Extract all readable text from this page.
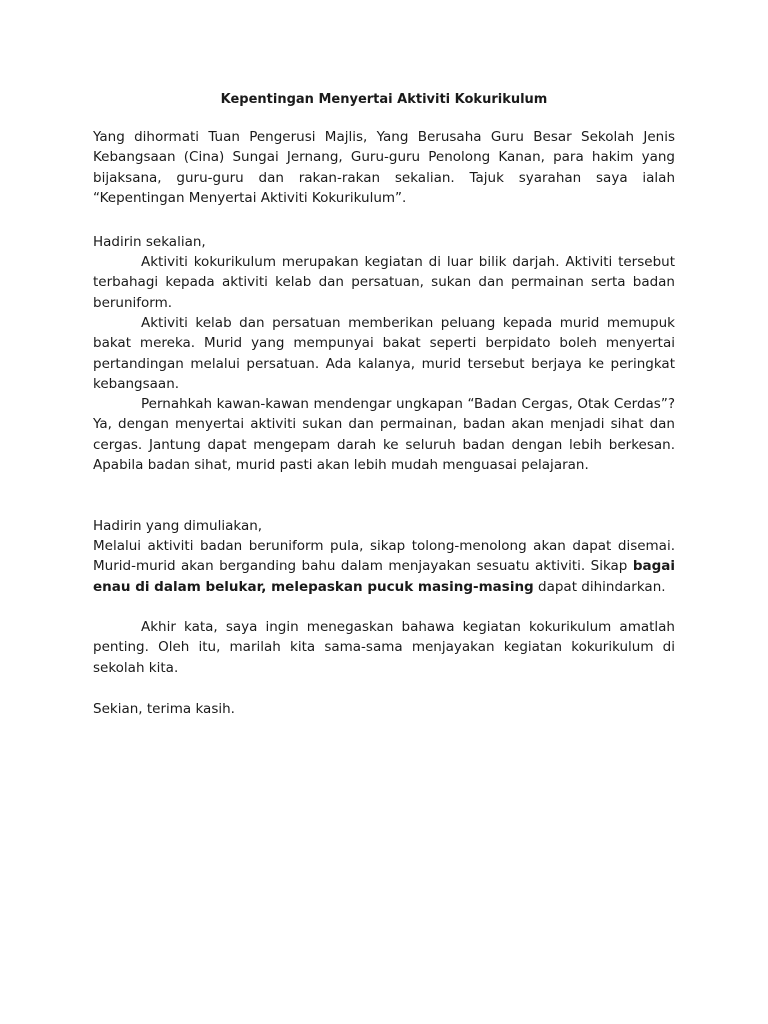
Kepentingan Menyertai Aktiviti Kokurikulum

Yang dihormati Tuan Pengerusi Majlis, Yang Berusaha Guru Besar Sekolah Jenis Kebangsaan (Cina) Sungai Jernang, Guru-guru Penolong Kanan, para hakim yang bijaksana, guru-guru dan rakan-rakan sekalian. Tajuk syarahan saya ialah “Kepentingan Menyertai Aktiviti Kokurikulum”.

Hadirin sekalian,

Aktiviti kokurikulum merupakan kegiatan di luar bilik darjah. Aktiviti tersebut terbahagi kepada aktiviti kelab dan persatuan, sukan dan permainan serta badan beruniform.

Aktiviti kelab dan persatuan memberikan peluang kepada murid memupuk bakat mereka. Murid yang mempunyai bakat seperti berpidato boleh menyertai pertandingan melalui persatuan. Ada kalanya, murid tersebut berjaya ke peringkat kebangsaan.

Pernahkah kawan-kawan mendengar ungkapan “Badan Cergas, Otak Cerdas”? Ya, dengan menyertai aktiviti sukan dan permainan, badan akan menjadi sihat dan cergas. Jantung dapat mengepam darah ke seluruh badan dengan lebih berkesan. Apabila badan sihat, murid pasti akan lebih mudah menguasai pelajaran.

Hadirin yang dimuliakan,

Melalui aktiviti badan beruniform pula, sikap tolong-menolong akan dapat disemai. Murid-murid akan berganding bahu dalam menjayakan sesuatu aktiviti. Sikap bagai enau di dalam belukar, melepaskan pucuk masing-masing dapat dihindarkan.

Akhir kata, saya ingin menegaskan bahawa kegiatan kokurikulum amatlah penting. Oleh itu, marilah kita sama-sama menjayakan kegiatan kokurikulum di sekolah kita.

Sekian, terima kasih.
